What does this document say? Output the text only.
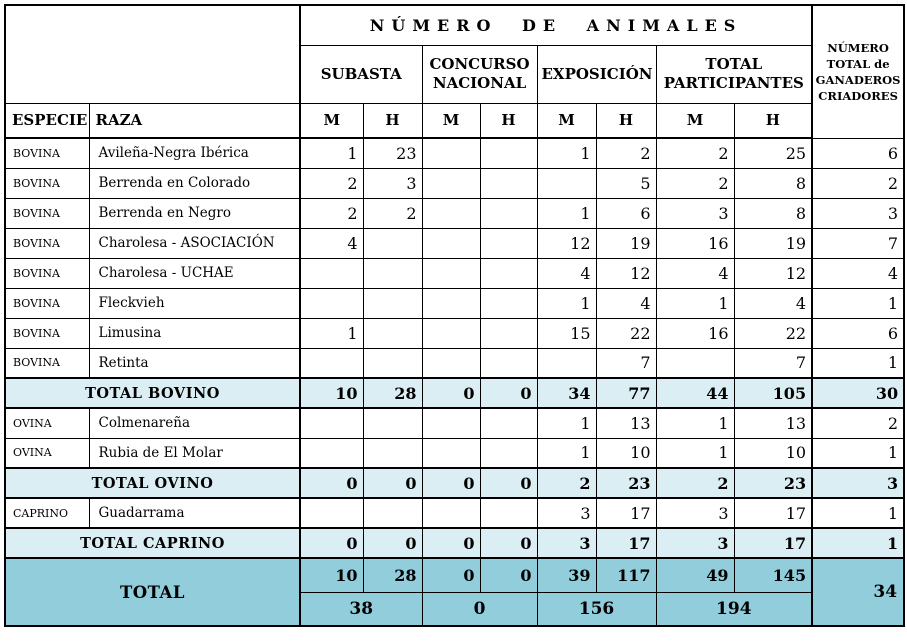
		NÚMERO DE ANIMALES								NÚMERO
TOTAL de
GANADEROS
CRIADORES

		SUBASTA		CONCURSO NACIONAL		EXPOSICIÓN		TOTAL PARTICIPANTES		
ESPECIE	RAZA	M	H	M	H	M	H	M	H	
BOVINA	Avileña-Negra Ibérica	1	23			1	2	2	25	6
BOVINA	Berrenda en Colorado	2	3				5	2	8	2
BOVINA	Berrenda en Negro	2	2			1	6	3	8	3
BOVINA	Charolesa - ASOCIACIÓN	4				12	19	16	19	7
BOVINA	Charolesa - UCHAE					4	12	4	12	4
BOVINA	Fleckvieh					1	4	1	4	1
BOVINA	Limusina	1				15	22	16	22	6
BOVINA	Retinta						7		7	1
TOTAL BOVINO		10	28	0	0	34	77	44	105	30
OVINA	Colmenareña					1	13	1	13	2
OVINA	Rubia de El Molar					1	10	1	10	1
TOTAL OVINO		0	0	0	0	2	23	2	23	3
CAPRINO	Guadarrama					3	17	3	17	1
TOTAL CAPRINO		0	0	0	0	3	17	3	17	1
TOTAL		10	28	0	0	39	117	49	145	34
		38		0		156		194		
